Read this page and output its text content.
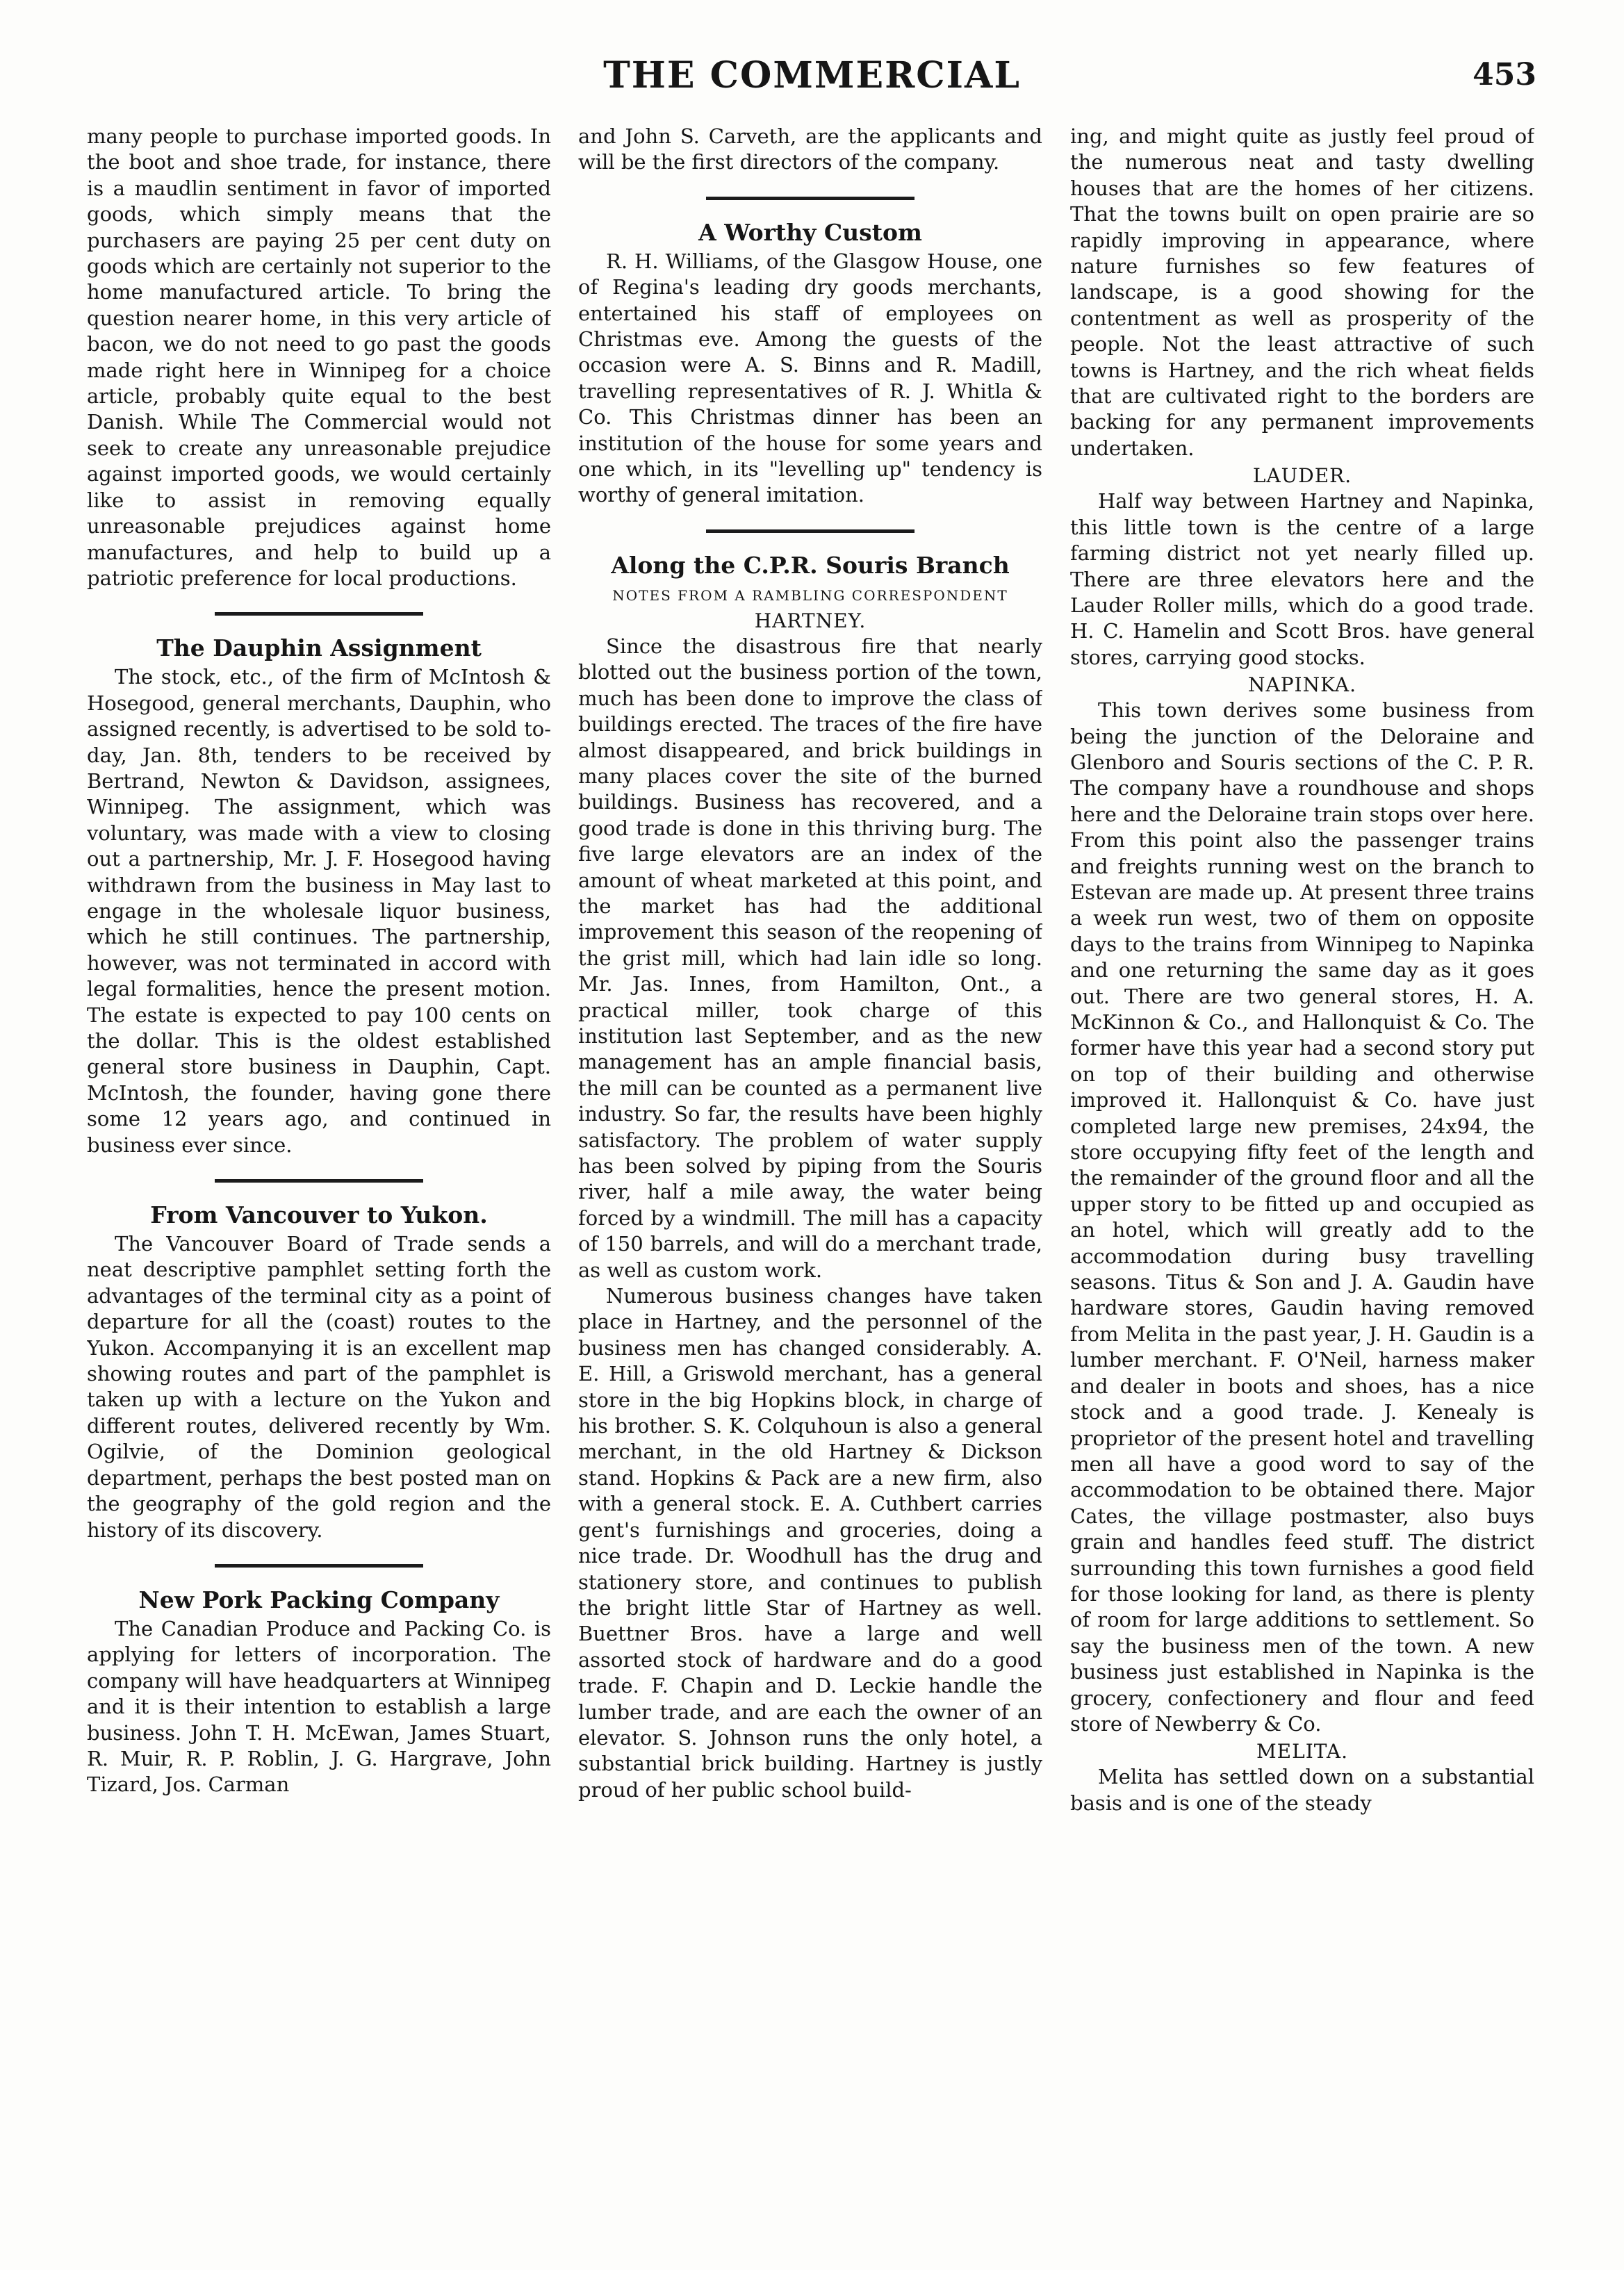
THE COMMERCIAL	453

many people to purchase imported goods. In the boot and shoe trade, for instance, there is a maudlin sentiment in favor of imported goods, which simply means that the purchasers are paying 25 per cent duty on goods which are certainly not superior to the home manufactured article. To bring the question nearer home, in this very article of bacon, we do not need to go past the goods made right here in Winnipeg for a choice article, probably quite equal to the best Danish. While The Commercial would not seek to create any unreasonable prejudice against imported goods, we would certainly like to assist in removing equally unreasonable prejudices against home manufactures, and help to build up a patriotic preference for local productions.

The Dauphin Assignment

The stock, etc., of the firm of McIntosh & Hosegood, general merchants, Dauphin, who assigned recently, is advertised to be sold to-day, Jan. 8th, tenders to be received by Bertrand, Newton & Davidson, assignees, Winnipeg. The assignment, which was voluntary, was made with a view to closing out a partnership, Mr. J. F. Hosegood having withdrawn from the business in May last to engage in the wholesale liquor business, which he still continues. The partnership, however, was not terminated in accord with legal formalities, hence the present motion. The estate is expected to pay 100 cents on the dollar. This is the oldest established general store business in Dauphin, Capt. McIntosh, the founder, having gone there some 12 years ago, and continued in business ever since.

From Vancouver to Yukon.

The Vancouver Board of Trade sends a neat descriptive pamphlet setting forth the advantages of the terminal city as a point of departure for all the (coast) routes to the Yukon. Accompanying it is an excellent map showing routes and part of the pamphlet is taken up with a lecture on the Yukon and different routes, delivered recently by Wm. Ogilvie, of the Dominion geological department, perhaps the best posted man on the geography of the gold region and the history of its discovery.

New Pork Packing Company

The Canadian Produce and Packing Co. is applying for letters of incorporation. The company will have headquarters at Winnipeg and it is their intention to establish a large business. John T. H. McEwan, James Stuart, R. Muir, R. P. Roblin, J. G. Hargrave, John Tizard, Jos. Carman

and John S. Carveth, are the applicants and will be the first directors of the company.

A Worthy Custom

R. H. Williams, of the Glasgow House, one of Regina's leading dry goods merchants, entertained his staff of employees on Christmas eve. Among the guests of the occasion were A. S. Binns and R. Madill, travelling representatives of R. J. Whitla & Co. This Christmas dinner has been an institution of the house for some years and one which, in its "levelling up" tendency is worthy of general imitation.

Along the C.P.R. Souris Branch
NOTES FROM A RAMBLING CORRESPONDENT
HARTNEY.

Since the disastrous fire that nearly blotted out the business portion of the town, much has been done to improve the class of buildings erected. The traces of the fire have almost disappeared, and brick buildings in many places cover the site of the burned buildings. Business has recovered, and a good trade is done in this thriving burg. The five large elevators are an index of the amount of wheat marketed at this point, and the market has had the additional improvement this season of the reopening of the grist mill, which had lain idle so long. Mr. Jas. Innes, from Hamilton, Ont., a practical miller, took charge of this institution last September, and as the new management has an ample financial basis, the mill can be counted as a permanent live industry. So far, the results have been highly satisfactory. The problem of water supply has been solved by piping from the Souris river, half a mile away, the water being forced by a windmill. The mill has a capacity of 150 barrels, and will do a merchant trade, as well as custom work.

Numerous business changes have taken place in Hartney, and the personnel of the business men has changed considerably. A. E. Hill, a Griswold merchant, has a general store in the big Hopkins block, in charge of his brother. S. K. Colquhoun is also a general merchant, in the old Hartney & Dickson stand. Hopkins & Pack are a new firm, also with a general stock. E. A. Cuthbert carries gent's furnishings and groceries, doing a nice trade. Dr. Woodhull has the drug and stationery store, and continues to publish the bright little Star of Hartney as well. Buettner Bros. have a large and well assorted stock of hardware and do a good trade. F. Chapin and D. Leckie handle the lumber trade, and are each the owner of an elevator. S. Johnson runs the only hotel, a substantial brick building. Hartney is justly proud of her public school build-

ing, and might quite as justly feel proud of the numerous neat and tasty dwelling houses that are the homes of her citizens. That the towns built on open prairie are so rapidly improving in appearance, where nature furnishes so few features of landscape, is a good showing for the contentment as well as prosperity of the people. Not the least attractive of such towns is Hartney, and the rich wheat fields that are cultivated right to the borders are backing for any permanent improvements undertaken.

LAUDER.

Half way between Hartney and Napinka, this little town is the centre of a large farming district not yet nearly filled up. There are three elevators here and the Lauder Roller mills, which do a good trade. H. C. Hamelin and Scott Bros. have general stores, carrying good stocks.

NAPINKA.

This town derives some business from being the junction of the Deloraine and Glenboro and Souris sections of the C. P. R. The company have a roundhouse and shops here and the Deloraine train stops over here. From this point also the passenger trains and freights running west on the branch to Estevan are made up. At present three trains a week run west, two of them on opposite days to the trains from Winnipeg to Napinka and one returning the same day as it goes out. There are two general stores, H. A. McKinnon & Co., and Hallonquist & Co. The former have this year had a second story put on top of their building and otherwise improved it. Hallonquist & Co. have just completed large new premises, 24x94, the store occupying fifty feet of the length and the remainder of the ground floor and all the upper story to be fitted up and occupied as an hotel, which will greatly add to the accommodation during busy travelling seasons. Titus & Son and J. A. Gaudin have hardware stores, Gaudin having removed from Melita in the past year, J. H. Gaudin is a lumber merchant. F. O'Neil, harness maker and dealer in boots and shoes, has a nice stock and a good trade. J. Kenealy is proprietor of the present hotel and travelling men all have a good word to say of the accommodation to be obtained there. Major Cates, the village postmaster, also buys grain and handles feed stuff. The district surrounding this town furnishes a good field for those looking for land, as there is plenty of room for large additions to settlement. So say the business men of the town. A new business just established in Napinka is the grocery, confectionery and flour and feed store of Newberry & Co.

MELITA.

Melita has settled down on a substantial basis and is one of the steady
